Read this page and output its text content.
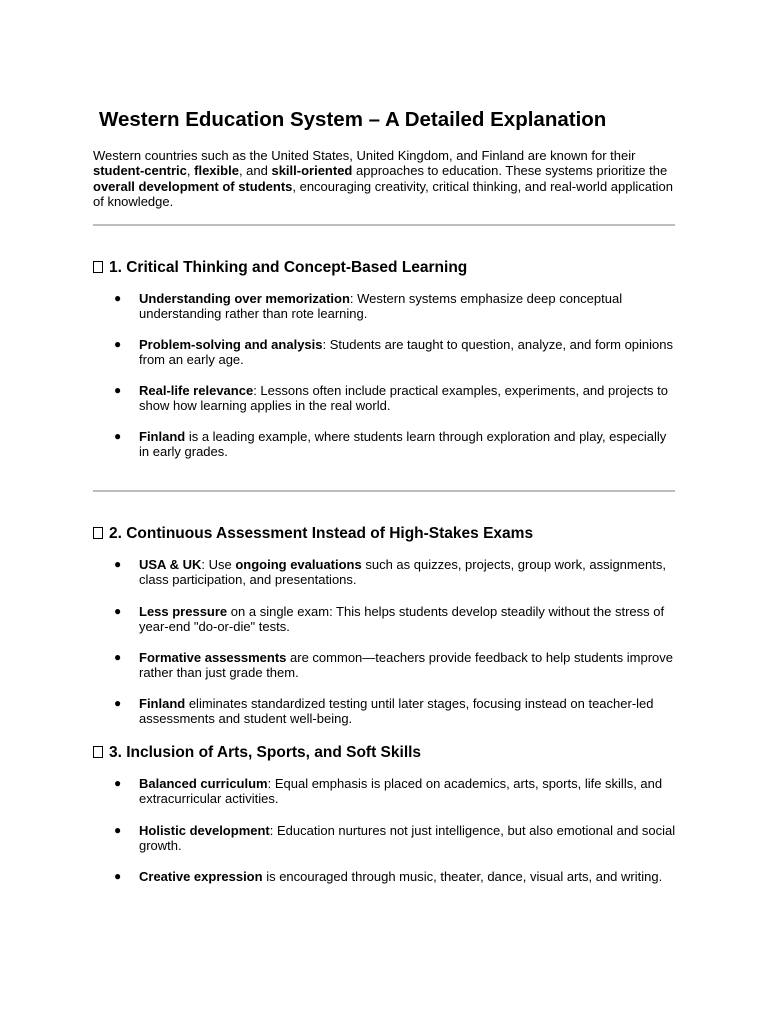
Western Education System – A Detailed Explanation

Western countries such as the United States, United Kingdom, and Finland are known for their student-centric, flexible, and skill-oriented approaches to education. These systems prioritize the overall development of students, encouraging creativity, critical thinking, and real-world application of knowledge.

1. Critical Thinking and Concept-Based Learning
● Understanding over memorization: Western systems emphasize deep conceptual understanding rather than rote learning.
● Problem-solving and analysis: Students are taught to question, analyze, and form opinions from an early age.
● Real-life relevance: Lessons often include practical examples, experiments, and projects to show how learning applies in the real world.
● Finland is a leading example, where students learn through exploration and play, especially in early grades.
2. Continuous Assessment Instead of High-Stakes Exams
● USA & UK: Use ongoing evaluations such as quizzes, projects, group work, assignments, class participation, and presentations.
● Less pressure on a single exam: This helps students develop steadily without the stress of year-end "do-or-die" tests.
● Formative assessments are common—teachers provide feedback to help students improve rather than just grade them.
● Finland eliminates standardized testing until later stages, focusing instead on teacher-led assessments and student well-being.
3. Inclusion of Arts, Sports, and Soft Skills
● Balanced curriculum: Equal emphasis is placed on academics, arts, sports, life skills, and extracurricular activities.
● Holistic development: Education nurtures not just intelligence, but also emotional and social growth.
● Creative expression is encouraged through music, theater, dance, visual arts, and writing.
